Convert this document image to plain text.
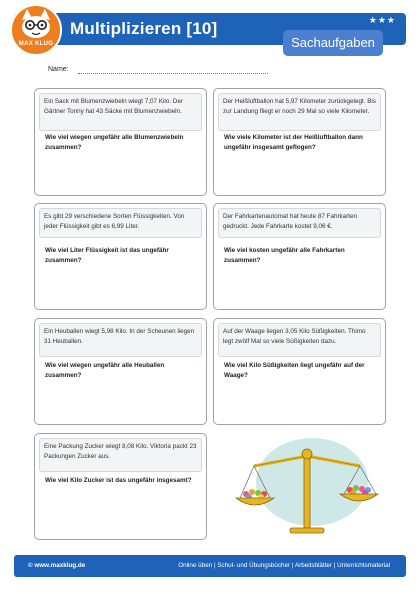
MAX KLUG
Multiplizieren [10]	★★★
Sachaufgaben
Name:
Ein Sack mit Blumenzwiebeln wiegt 7,07 Kilo. Der Gärtner Tonny hat 43 Säcke mit Blumenzwiebeln.
Wie viel wiegen ungefähr alle Blumenzwiebeln zusammen?
Der Heißluftballon hat 5,97 Kilometer zurückgelegt. Bis zur Landung fliegt er noch 29 Mal so viele Kilometer.
Wie viele Kilometer ist der Heißluftballon dann ungefähr insgesamt geflogen?
Es gibt 29 verschiedene Sorten Flüssigkeiten. Von jeder Flüssigkeit gibt es 6,99 Liter.
Wie viel Liter Flüssigkeit ist das ungefähr zusammen?
Der Fahrkartenautomat hat heute 87 Fahrkarten gedruckt. Jede Fahrkarte kostet 9,06 €.
Wie viel kosten ungefähr alle Fahrkarten zusammen?
Ein Heuballen wiegt 5,98 Kilo. In der Scheunen liegen 31 Heuballen.
Wie viel wiegen ungefähr alle Heuballen zusammen?
Auf der Waage liegen 3,05 Kilo Süßigkeiten. Thimo legt zwölf Mal so viele Süßigkeiten dazu.
Wie viel Kilo Süßigkeiten liegt ungefähr auf der Waage?
Eine Packung Zucker wiegt 8,08 Kilo. Viktoria packt 23 Packungen Zucker aus.
Wie viel Kilo Zucker ist das ungefähr insgesamt?
© www.maxklug.de	Online üben | Schul- und Übungsbücher | Arbeitsblätter | Unterrichtsmaterial
